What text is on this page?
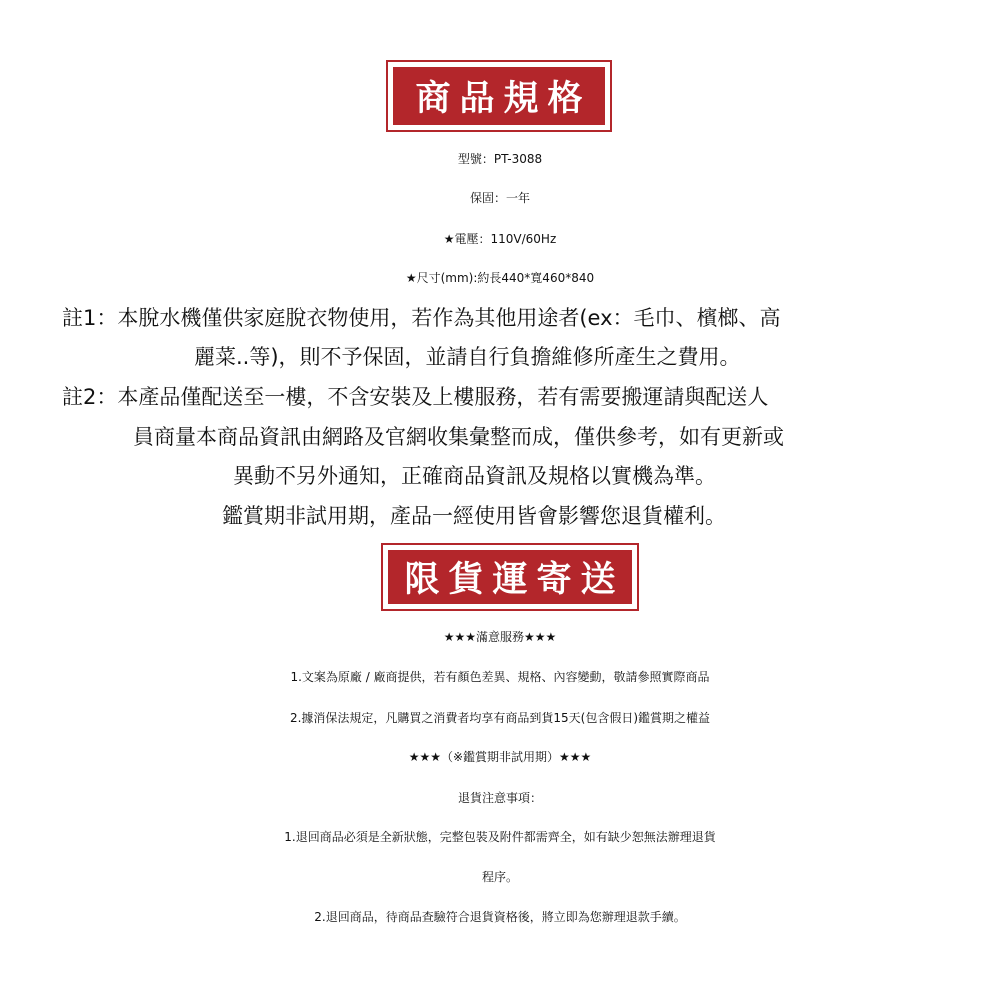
商品規格
型號：PT-3088
保固：一年
★電壓：110V/60Hz
★尺寸(mm):約長440*寬460*840
註1：本脫水機僅供家庭脫衣物使用，若作為其他用途者(ex：毛巾、檳榔、高
麗菜..等)，則不予保固，並請自行負擔維修所產生之費用。
註2：本產品僅配送至一樓，不含安裝及上樓服務，若有需要搬運請與配送人
員商量本商品資訊由網路及官網收集彙整而成，僅供參考，如有更新或
異動不另外通知，正確商品資訊及規格以實機為準。
鑑賞期非試用期，產品一經使用皆會影響您退貨權利。
限貨運寄送
★★★滿意服務★★★
1.文案為原廠 / 廠商提供，若有顏色差異、規格、內容變動，敬請參照實際商品
2.據消保法規定，凡購買之消費者均享有商品到貨15天(包含假日)鑑賞期之權益
★★★（※鑑賞期非試用期）★★★
退貨注意事項：
1.退回商品必須是全新狀態，完整包裝及附件都需齊全，如有缺少恕無法辦理退貨
程序。
2.退回商品，待商品查驗符合退貨資格後，將立即為您辦理退款手續。
